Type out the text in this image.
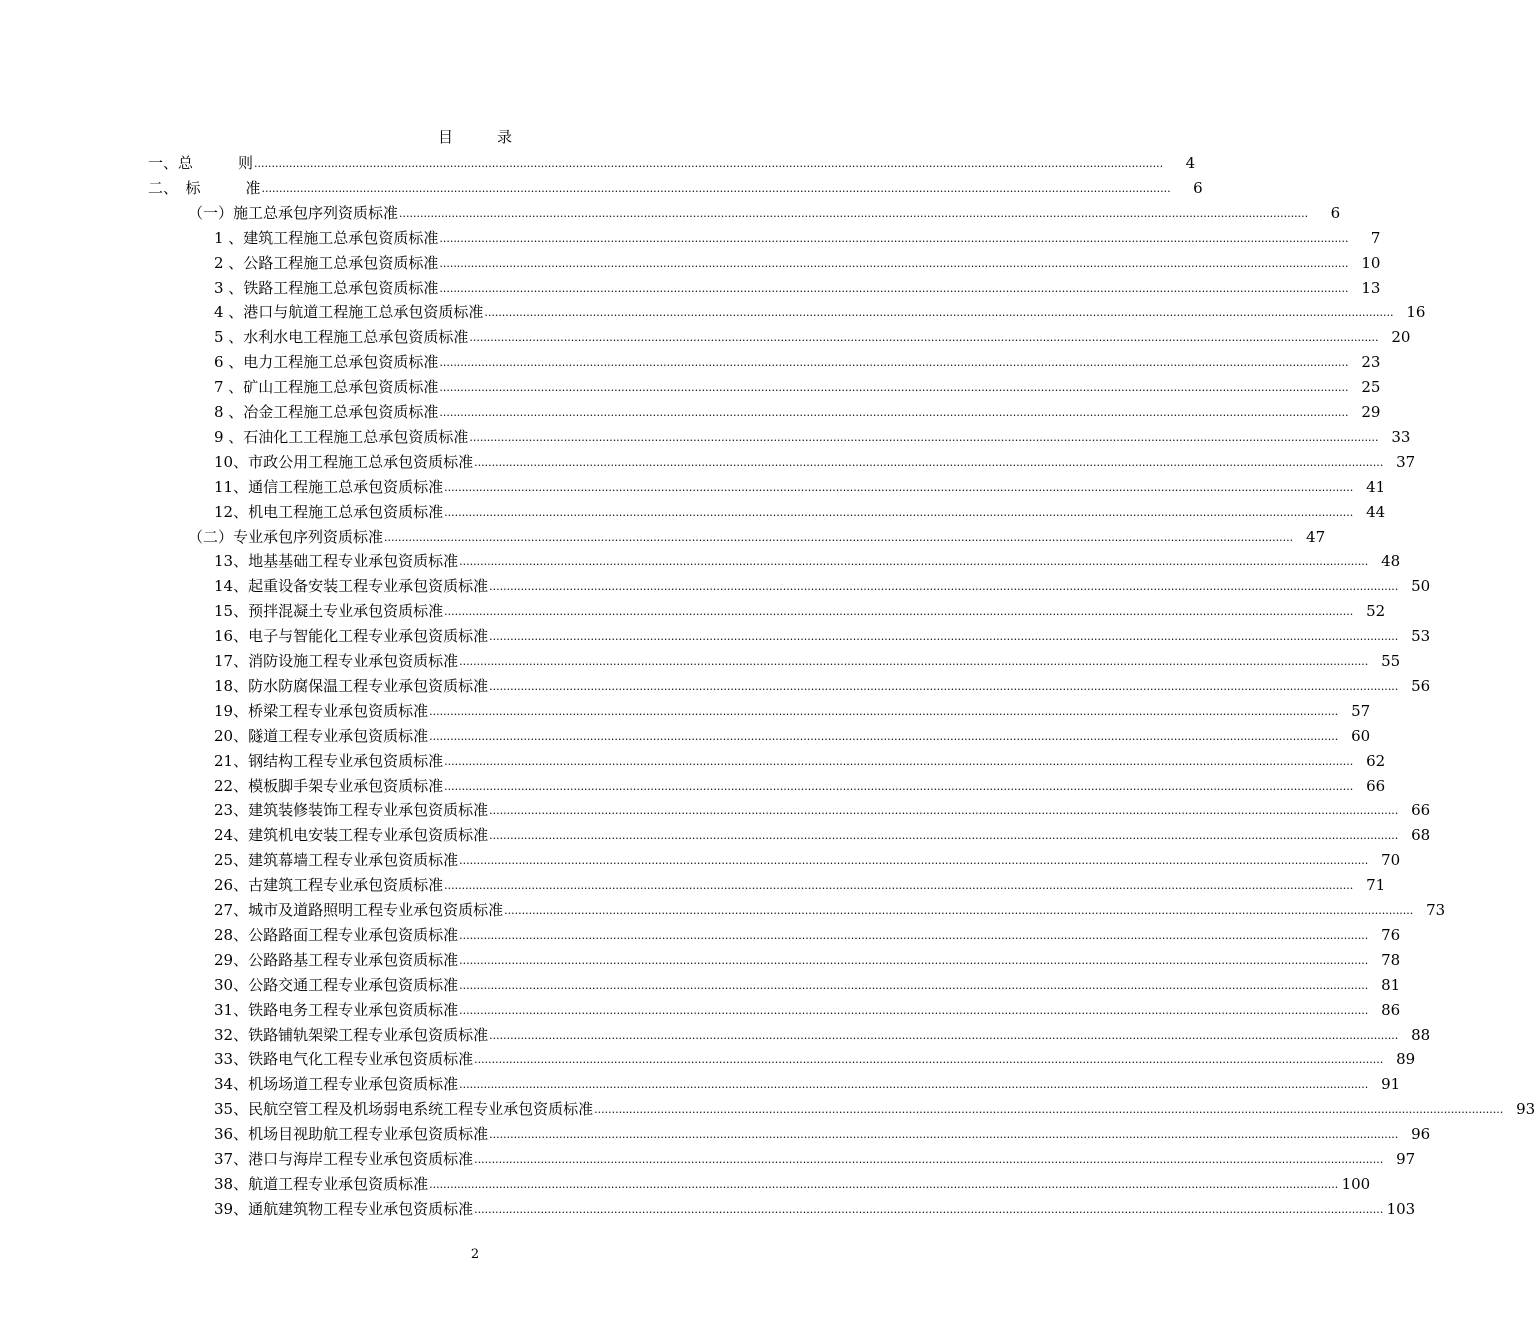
目	录
一、总　　　则 ....................................................................................................................................................................................................................................................................	4
二、　标　　　准 ....................................................................................................................................................................................................................................................................	6
（一）施工总承包序列资质标准 ....................................................................................................................................................................................................................................................................	6
1 、建筑工程施工总承包资质标准 ....................................................................................................................................................................................................................................................................	7
2 、公路工程施工总承包资质标准 .................................................................................................................................................................................................................................................................... 10
3 、铁路工程施工总承包资质标准 .................................................................................................................................................................................................................................................................... 13
4 、港口与航道工程施工总承包资质标准 .................................................................................................................................................................................................................................................................... 16
5 、水利水电工程施工总承包资质标准 .................................................................................................................................................................................................................................................................... 20
6 、电力工程施工总承包资质标准 .................................................................................................................................................................................................................................................................... 23
7 、矿山工程施工总承包资质标准 .................................................................................................................................................................................................................................................................... 25
8 、冶金工程施工总承包资质标准 .................................................................................................................................................................................................................................................................... 29
9 、石油化工工程施工总承包资质标准 .................................................................................................................................................................................................................................................................... 33
10、市政公用工程施工总承包资质标准 .................................................................................................................................................................................................................................................................... 37
11、通信工程施工总承包资质标准 .................................................................................................................................................................................................................................................................... 41
12、机电工程施工总承包资质标准 .................................................................................................................................................................................................................................................................... 44
（二）专业承包序列资质标准 .................................................................................................................................................................................................................................................................... 47
13、地基基础工程专业承包资质标准 .................................................................................................................................................................................................................................................................... 48
14、起重设备安装工程专业承包资质标准 .................................................................................................................................................................................................................................................................... 50
15、预拌混凝土专业承包资质标准 .................................................................................................................................................................................................................................................................... 52
16、电子与智能化工程专业承包资质标准 .................................................................................................................................................................................................................................................................... 53
17、消防设施工程专业承包资质标准 .................................................................................................................................................................................................................................................................... 55
18、防水防腐保温工程专业承包资质标准 .................................................................................................................................................................................................................................................................... 56
19、桥梁工程专业承包资质标准 .................................................................................................................................................................................................................................................................... 57
20、隧道工程专业承包资质标准 .................................................................................................................................................................................................................................................................... 60
21、钢结构工程专业承包资质标准 .................................................................................................................................................................................................................................................................... 62
22、模板脚手架专业承包资质标准 .................................................................................................................................................................................................................................................................... 66
23、建筑装修装饰工程专业承包资质标准 .................................................................................................................................................................................................................................................................... 66
24、建筑机电安装工程专业承包资质标准 .................................................................................................................................................................................................................................................................... 68
25、建筑幕墙工程专业承包资质标准 .................................................................................................................................................................................................................................................................... 70
26、古建筑工程专业承包资质标准 .................................................................................................................................................................................................................................................................... 71
27、城市及道路照明工程专业承包资质标准 .................................................................................................................................................................................................................................................................... 73
28、公路路面工程专业承包资质标准 .................................................................................................................................................................................................................................................................... 76
29、公路路基工程专业承包资质标准 .................................................................................................................................................................................................................................................................... 78
30、公路交通工程专业承包资质标准 .................................................................................................................................................................................................................................................................... 81
31、铁路电务工程专业承包资质标准 .................................................................................................................................................................................................................................................................... 86
32、铁路铺轨架梁工程专业承包资质标准 .................................................................................................................................................................................................................................................................... 88
33、铁路电气化工程专业承包资质标准 .................................................................................................................................................................................................................................................................... 89
34、机场场道工程专业承包资质标准 .................................................................................................................................................................................................................................................................... 91
35、民航空管工程及机场弱电系统工程专业承包资质标准 .................................................................................................................................................................................................................................................................... 93
36、机场目视助航工程专业承包资质标准 .................................................................................................................................................................................................................................................................... 96
37、港口与海岸工程专业承包资质标准 .................................................................................................................................................................................................................................................................... 97
38、航道工程专业承包资质标准 .................................................................................................................................................................................................................................................................... 100
39、通航建筑物工程专业承包资质标准 .................................................................................................................................................................................................................................................................... 103
2
